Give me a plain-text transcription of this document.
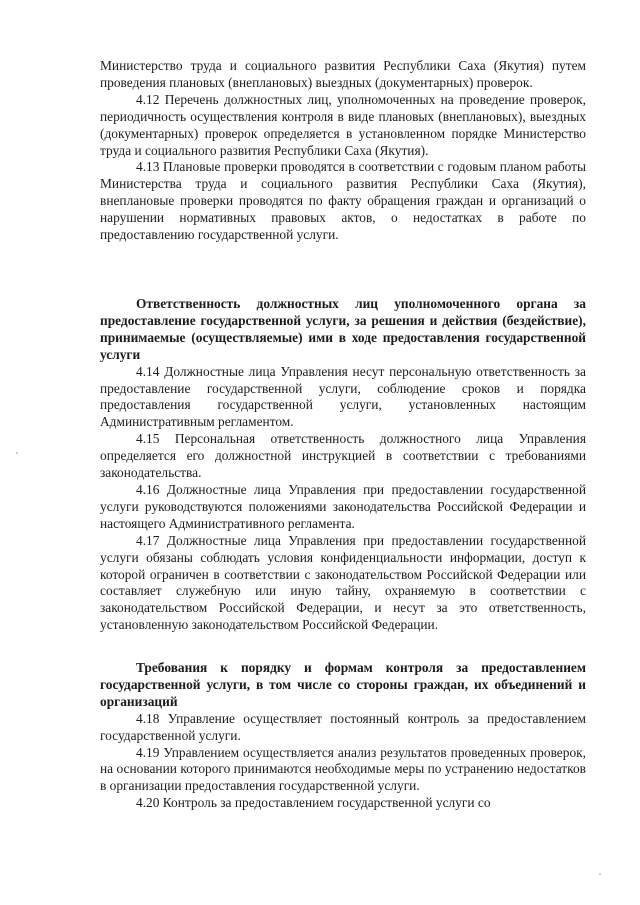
Министерство труда и социального развития Республики Саха (Якутия) путем проведения плановых (внеплановых) выездных (документарных) проверок.

4.12 Перечень должностных лиц, уполномоченных на проведение проверок, периодичность осуществления контроля в виде плановых (внеплановых), выездных (документарных) проверок определяется в установленном порядке Министерство труда и социального развития Республики Саха (Якутия).

4.13 Плановые проверки проводятся в соответствии с годовым планом работы Министерства труда и социального развития Республики Саха (Якутия), внеплановые проверки проводятся по факту обращения граждан и организаций о нарушении нормативных правовых актов, о недостатках в работе по предоставлению государственной услуги.

Ответственность должностных лиц уполномоченного органа за предоставление государственной услуги, за решения и действия (бездействие), принимаемые (осуществляемые) ими в ходе предоставления государственной услуги

4.14 Должностные лица Управления несут персональную ответственность за предоставление государственной услуги, соблюдение сроков и порядка предоставления государственной услуги, установленных настоящим Административным регламентом.

4.15 Персональная ответственность должностного лица Управления определяется его должностной инструкцией в соответствии с требованиями законодательства.

4.16 Должностные лица Управления при предоставлении государственной услуги руководствуются положениями законодательства Российской Федерации и настоящего Административного регламента.

4.17 Должностные лица Управления при предоставлении государственной услуги обязаны соблюдать условия конфиденциальности информации, доступ к которой ограничен в соответствии с законодательством Российской Федерации или составляет служебную или иную тайну, охраняемую в соответствии с законодательством Российской Федерации, и несут за это ответственность, установленную законодательством Российской Федерации.

Требования к порядку и формам контроля за предоставлением государственной услуги, в том числе со стороны граждан, их объединений и организаций

4.18 Управление осуществляет постоянный контроль за предоставлением государственной услуги.

4.19 Управлением осуществляется анализ результатов проведенных проверок, на основании которого принимаются необходимые меры по устранению недостатков в организации предоставления государственной услуги.

4.20 Контроль за предоставлением государственной услуги со
